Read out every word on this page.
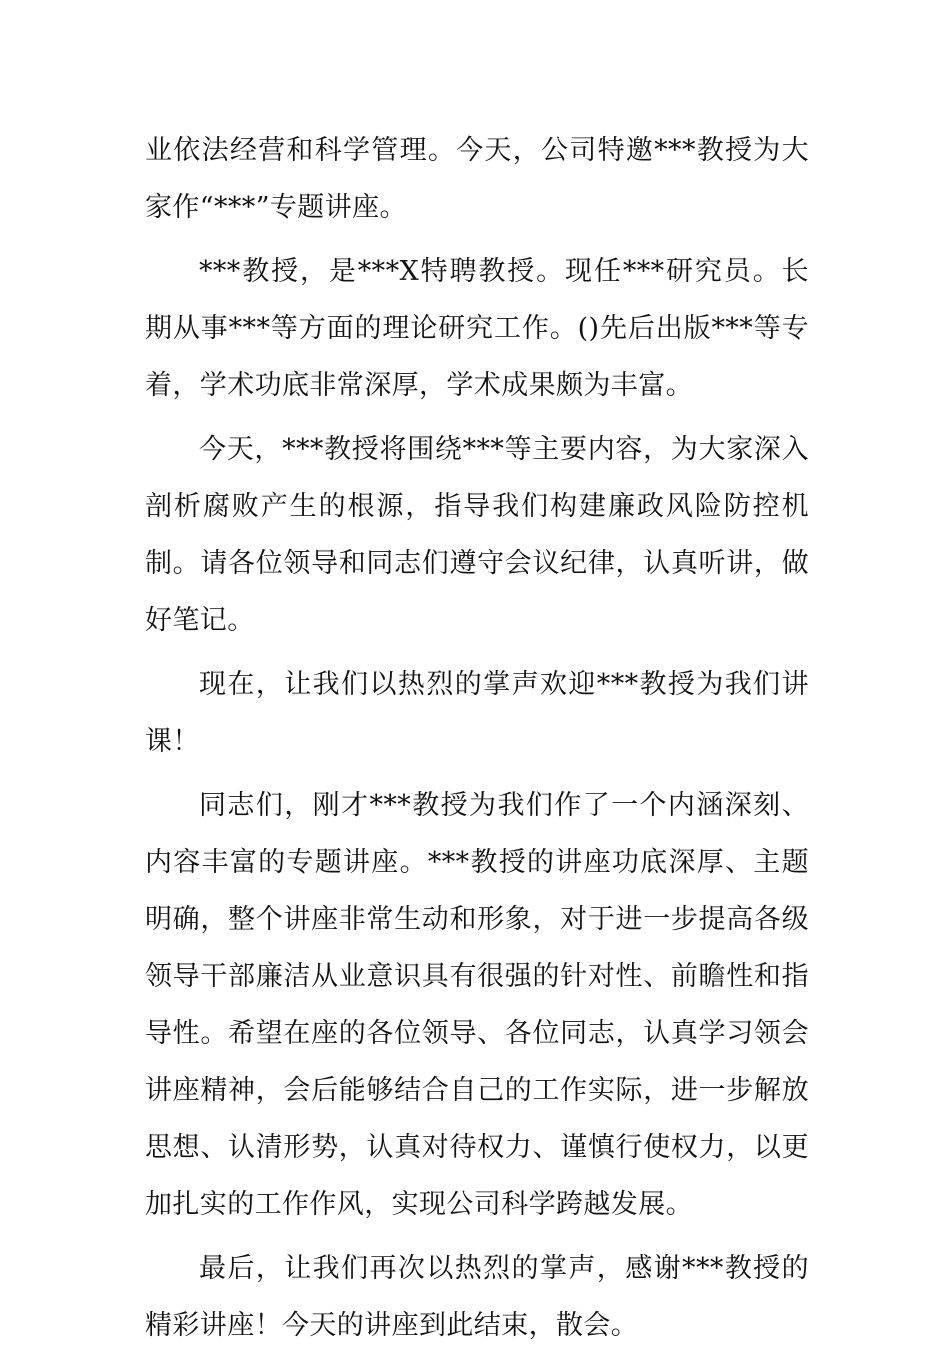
业依法经营和科学管理。今天，公司特邀***教授为大家作“***”专题讲座。

***教授，是***X特聘教授。现任***研究员。长期从事***等方面的理论研究工作。()先后出版***等专着，学术功底非常深厚，学术成果颇为丰富。

今天，***教授将围绕***等主要内容，为大家深入剖析腐败产生的根源，指导我们构建廉政风险防控机制。请各位领导和同志们遵守会议纪律，认真听讲，做好笔记。

现在，让我们以热烈的掌声欢迎***教授为我们讲课！

同志们，刚才***教授为我们作了一个内涵深刻、内容丰富的专题讲座。***教授的讲座功底深厚、主题明确，整个讲座非常生动和形象，对于进一步提高各级领导干部廉洁从业意识具有很强的针对性、前瞻性和指导性。希望在座的各位领导、各位同志，认真学习领会讲座精神，会后能够结合自己的工作实际，进一步解放思想、认清形势，认真对待权力、谨慎行使权力，以更加扎实的工作作风，实现公司科学跨越发展。

最后，让我们再次以热烈的掌声，感谢***教授的精彩讲座！今天的讲座到此结束，散会。
